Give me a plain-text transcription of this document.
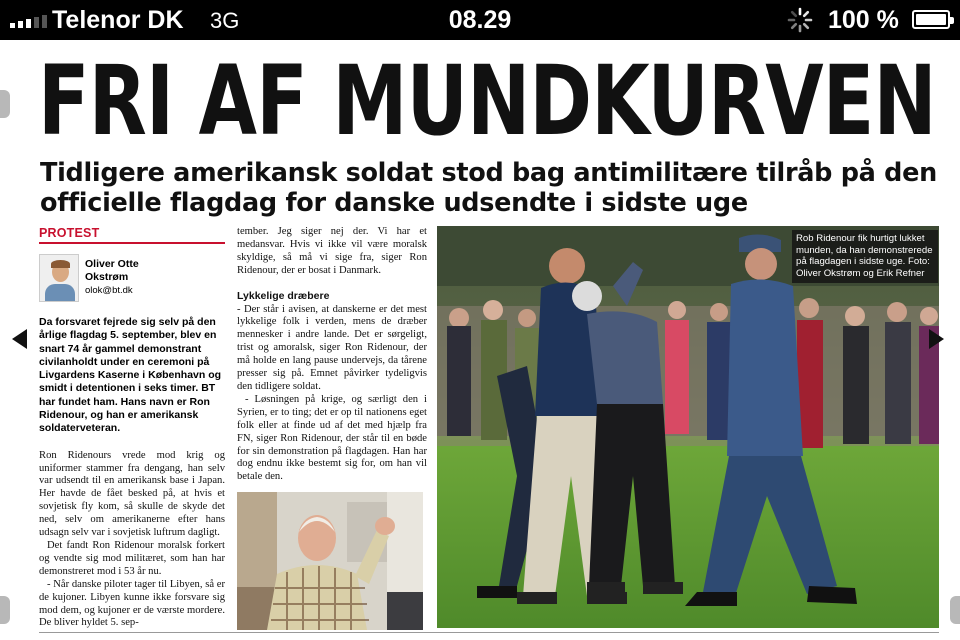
Telenor DK 3G	08.29	100 %
FRI AF MUNDKURVEN
Tidligere amerikansk soldat stod bag antimilitære tilråb på den officielle flagdag for danske udsendte i sidste uge
PROTEST
Oliver Otte
Okstrøm
olok@bt.dk
Da forsvaret fejrede sig selv på den årlige flagdag 5. september, blev en snart 74 år gammel demonstrant civilanholdt under en ceremoni på Livgardens Kaserne i København og smidt i detentionen i seks timer. BT har fundet ham. Hans navn er Ron Ridenour, og han er amerikansk soldaterveteran.

Ron Ridenours vrede mod krig og uniformer stammer fra dengang, han selv var udsendt til en amerikansk base i Japan. Her havde de fået besked på, at hvis et sovjetisk fly kom, så skulle de skyde det ned, selv om amerikanerne efter hans udsagn selv var i sovjetisk luftrum dagligt.

Det fandt Ron Ridenour moralsk forkert og vendte sig mod militæret, som han har demonstreret mod i 53 år nu.

- Når danske piloter tager til Libyen, så er de kujoner. Libyen kunne ikke forsvare sig mod dem, og kujoner er de værste mordere. De bliver hyldet 5. sep-

tember. Jeg siger nej der. Vi har et medansvar. Hvis vi ikke vil være moralsk skyldige, så må vi sige fra, siger Ron Ridenour, der er bosat i Danmark.

Lykkelige dræbere

- Der står i avisen, at danskerne er det mest lykkelige folk i verden, mens de dræber mennesker i andre lande. Det er sørgeligt, trist og amoralsk, siger Ron Ridenour, der må holde en lang pause undervejs, da tårene presser sig på. Emnet påvirker tydeligvis den tidligere soldat.

- Løsningen på krige, og særligt den i Syrien, er to ting; det er op til nationens eget folk eller at finde ud af det med hjælp fra FN, siger Ron Ridenour, der står til en bøde for sin demonstration på flagdagen. Han har dog endnu ikke bestemt sig for, om han vil betale den.

Rob Ridenour fik hurtigt lukket munden, da han demonstrerede på flagdagen i sidste uge. Foto: Oliver Okstrøm og Erik Refner
